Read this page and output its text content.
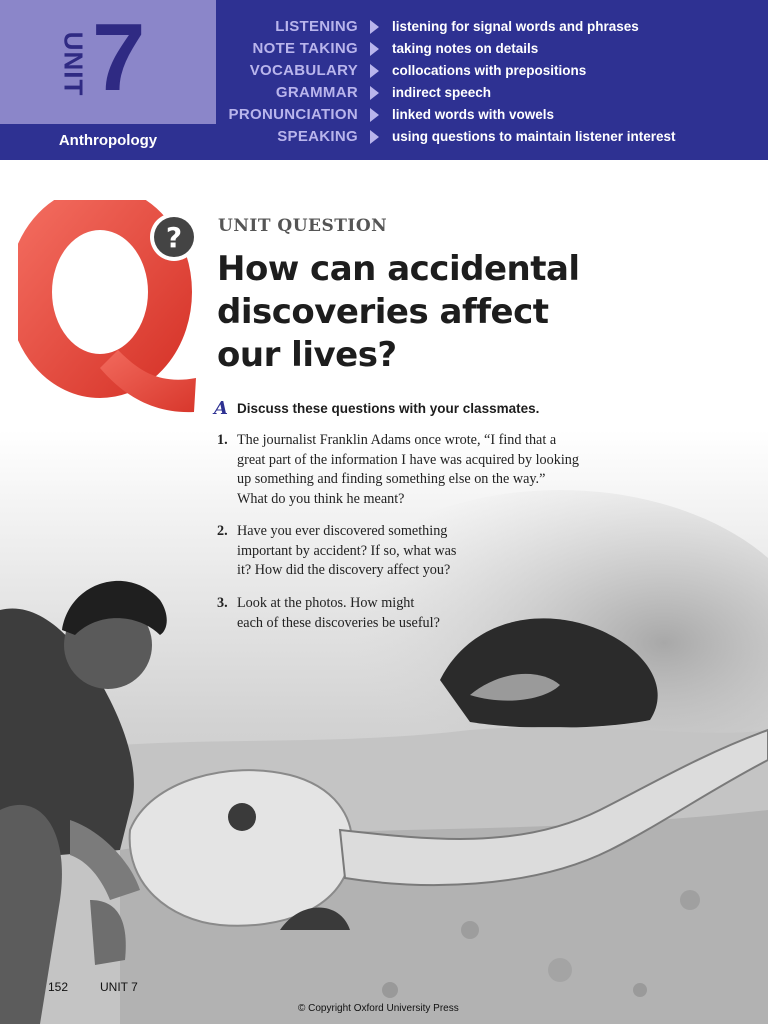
UNIT 7
Anthropology
LISTENING	listening for signal words and phrases
NOTE TAKING	taking notes on details
VOCABULARY	collocations with prepositions
GRAMMAR	indirect speech
PRONUNCIATION	linked words with vowels
SPEAKING	using questions to maintain listener interest
? UNIT QUESTION
How can accidental
discoveries affect
our lives?
A Discuss these questions with your classmates.
1. The journalist Franklin Adams once wrote, “I find that a
great part of the information I have was acquired by looking
up something and finding something else on the way.”
What do you think he meant?
2. Have you ever discovered something
important by accident? If so, what was
it? How did the discovery affect you?
3. Look at the photos. How might
each of these discoveries be useful?
152	UNIT 7
© Copyright Oxford University Press
